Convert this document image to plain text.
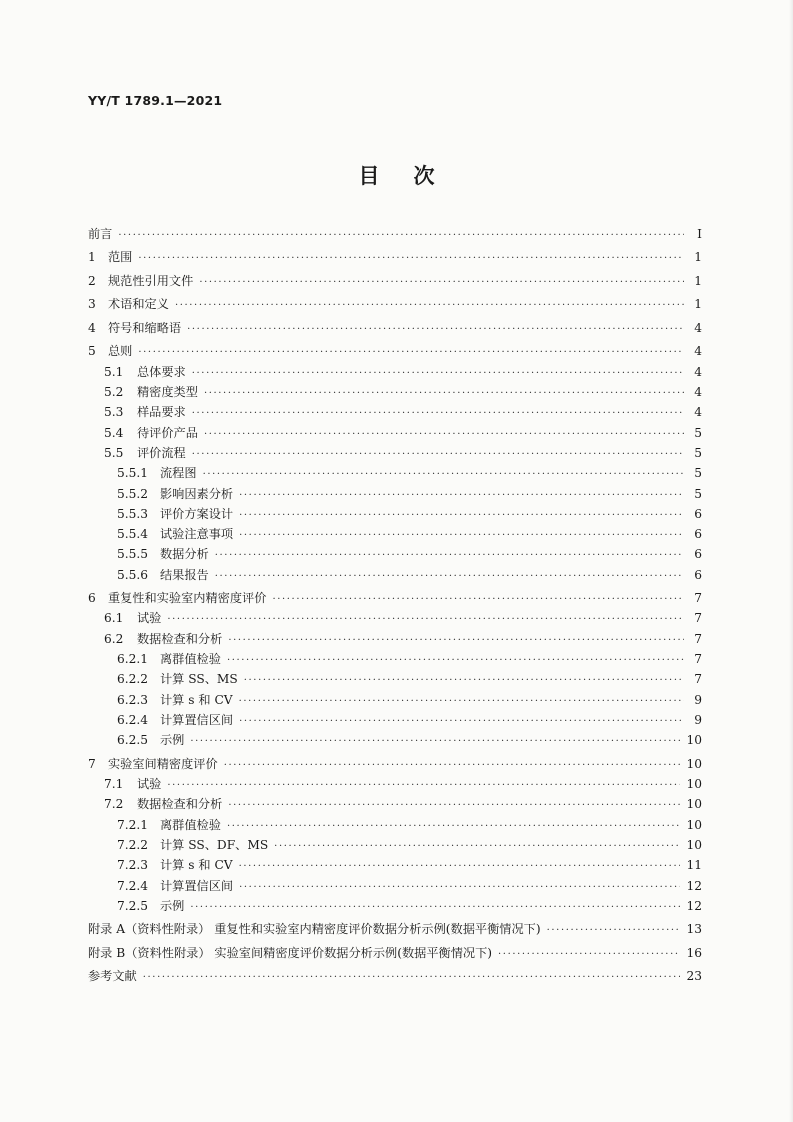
YY/T 1789.1—2021
目次
前言 ·····	Ⅰ
1	范围 ·····	1
2	规范性引用文件 ·····	1
3	术语和定义 ·····	1
4	符号和缩略语 ·····	4
5	总则 ·····	4
5.1	总体要求 ·····	4
5.2	精密度类型 ·····	4
5.3	样品要求 ·····	4
5.4	待评价产品 ·····	5
5.5	评价流程 ·····	5
5.5.1 流程图 ·····	5
5.5.2 影响因素分析 ·····	5
5.5.3 评价方案设计 ·····	6
5.5.4 试验注意事项 ·····	6
5.5.5 数据分析 ·····	6
5.5.6 结果报告 ·····	6
6	重复性和实验室内精密度评价 ·····	7
6.1	试验 ·····	7
6.2	数据检查和分析 ·····	7
6.2.1 离群值检验 ·····	7
6.2.2 计算 SS、MS ·····	7
6.2.3 计算 s 和 CV ·····	9
6.2.4 计算置信区间 ·····	9
6.2.5 示例 ·····	10
7	实验室间精密度评价 ·····	10
7.1	试验 ·····	10
7.2	数据检查和分析 ·····	10
7.2.1 离群值检验 ·····	10
7.2.2 计算 SS、DF、MS ·····	10
7.2.3 计算 s 和 CV ·····	11
7.2.4 计算置信区间 ·····	12
7.2.5 示例 ·····	12
附录 A（资料性附录） 重复性和实验室内精密度评价数据分析示例(数据平衡情况下) ·····	13
附录 B（资料性附录） 实验室间精密度评价数据分析示例(数据平衡情况下) ·····	16
参考文献 ·····	23
